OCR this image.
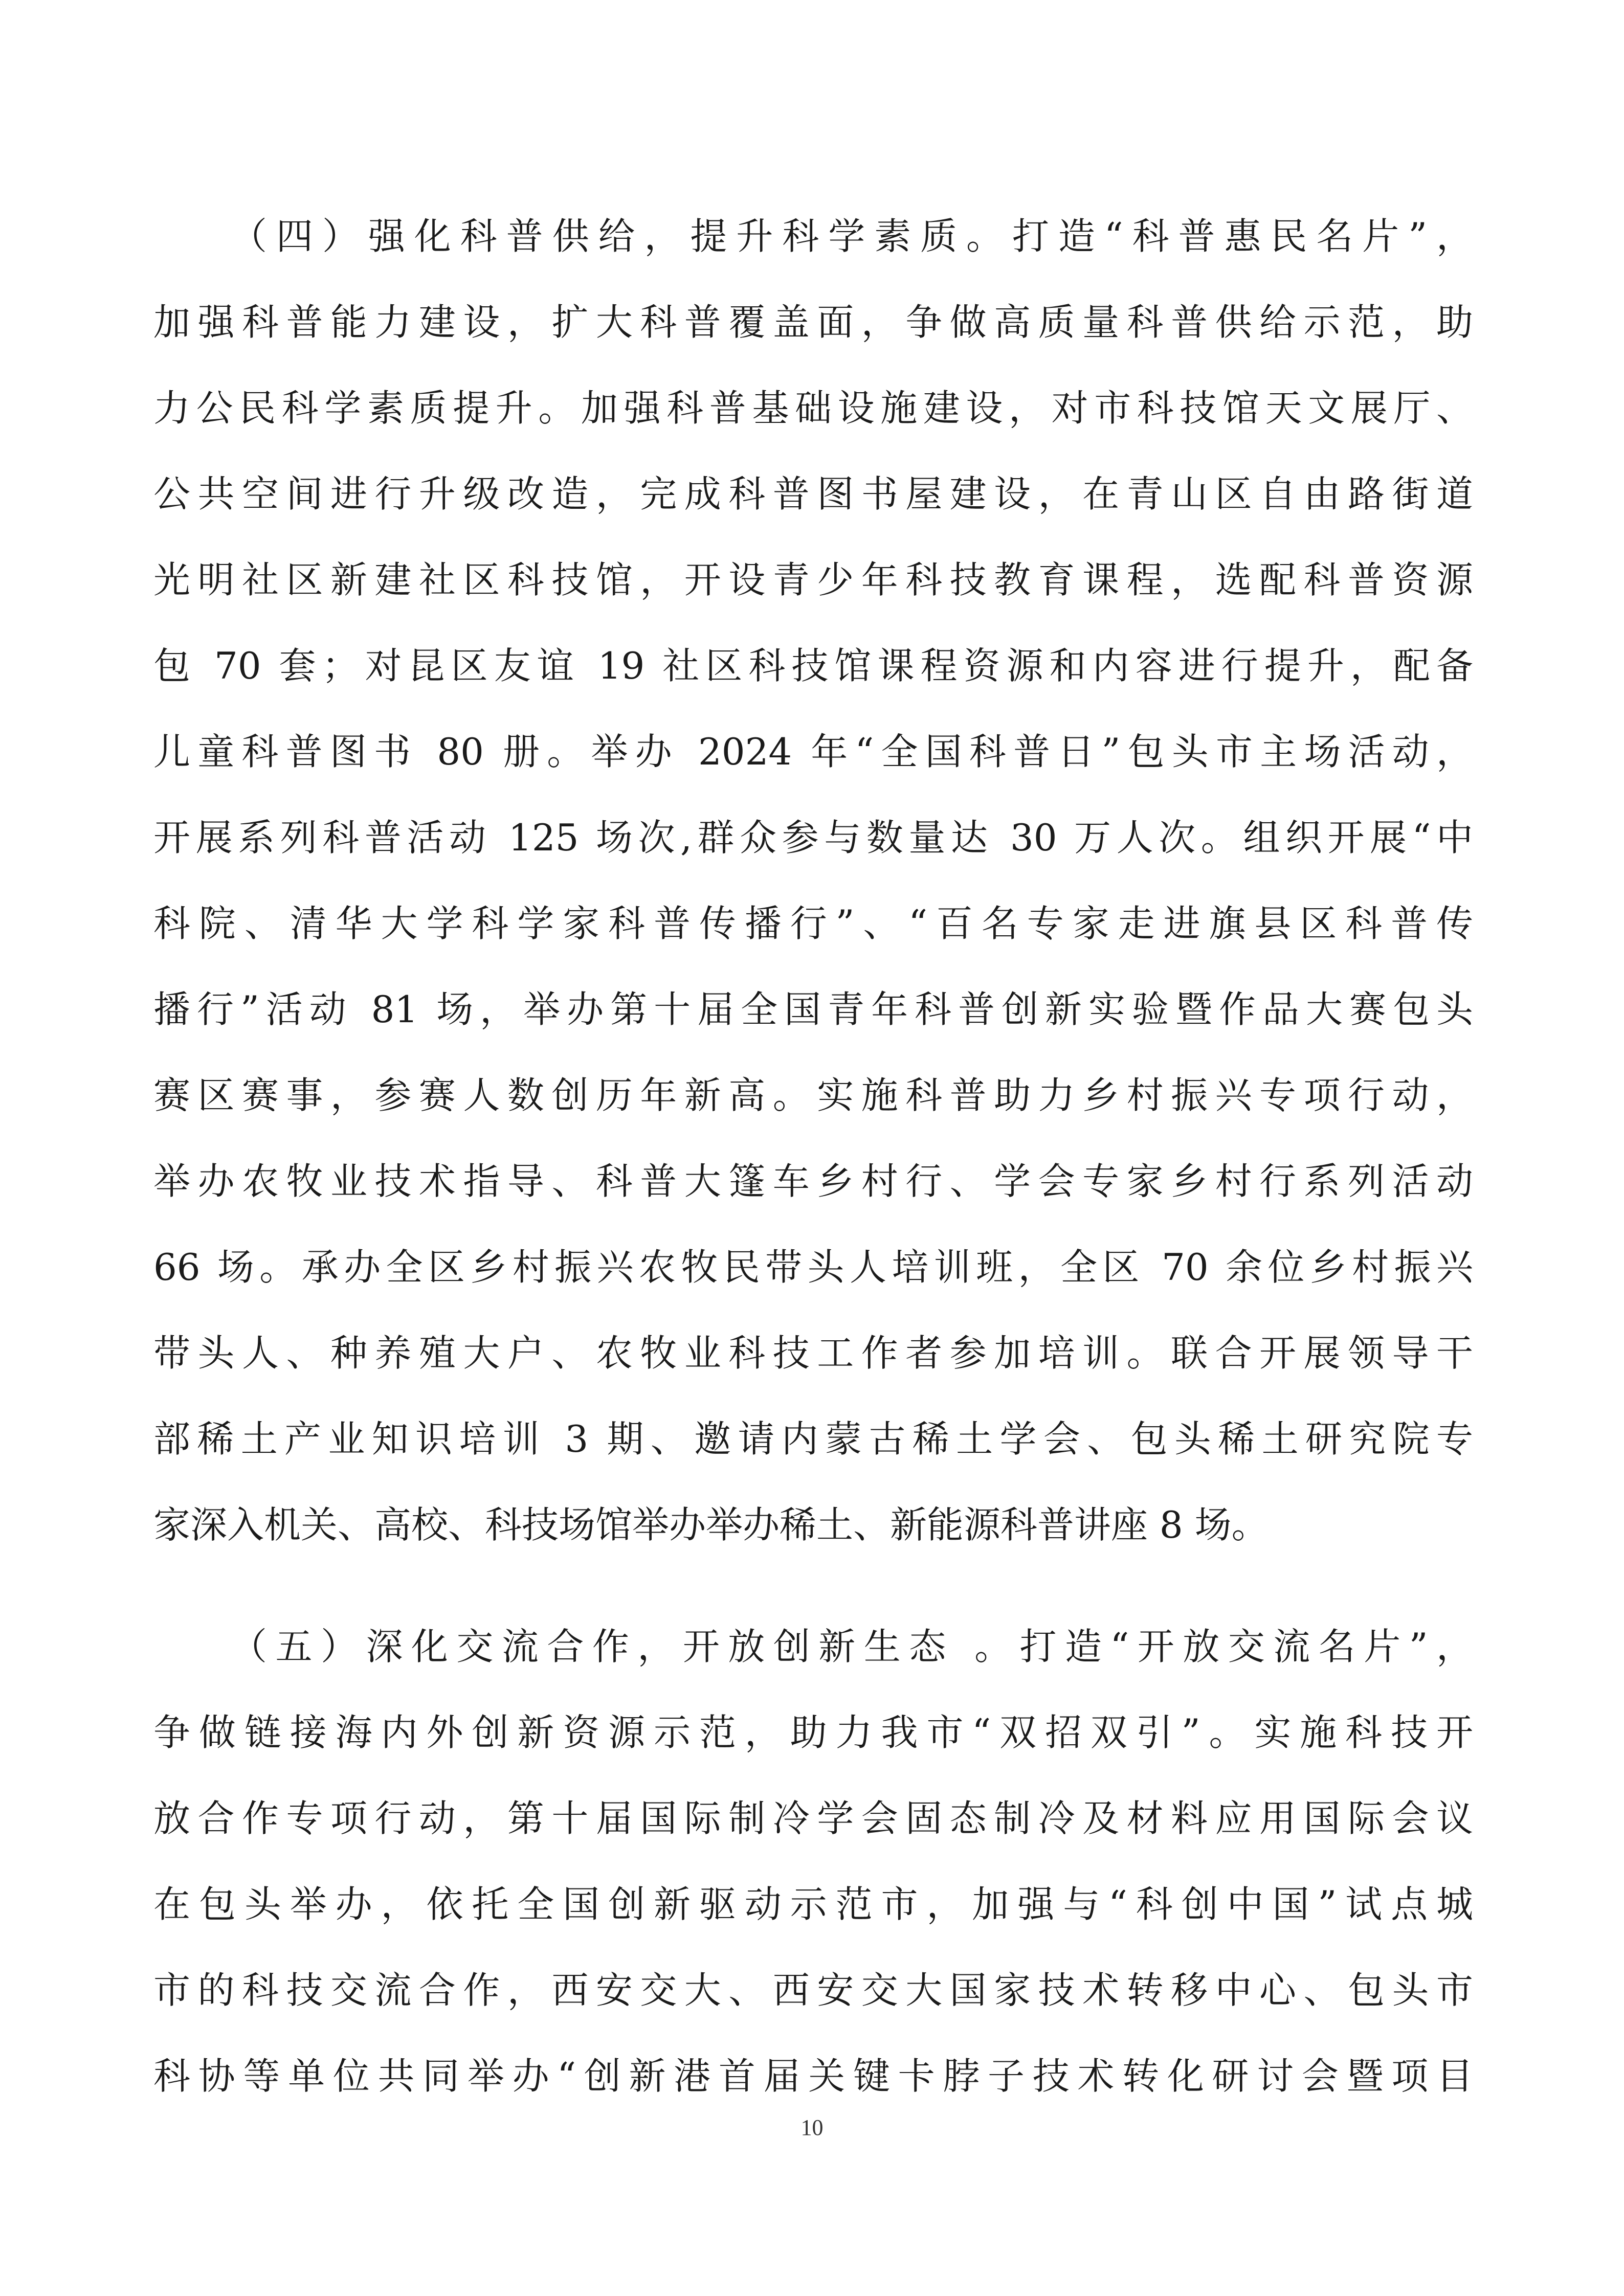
（四）强化科普供给，提升科学素质。打造“科普惠民名片”，
加强科普能力建设，扩大科普覆盖面，争做高质量科普供给示范，助
力公民科学素质提升。加强科普基础设施建设，对市科技馆天文展厅、
公共空间进行升级改造，完成科普图书屋建设，在青山区自由路街道
光明社区新建社区科技馆，开设青少年科技教育课程，选配科普资源
包 70 套；对昆区友谊 19 社区科技馆课程资源和内容进行提升，配备
儿童科普图书 80 册。举办 2024 年“全国科普日”包头市主场活动，
开展系列科普活动 125 场次,群众参与数量达 30 万人次。组织开展“中
科院、清华大学科学家科普传播行”、“百名专家走进旗县区科普传
播行”活动 81 场，举办第十届全国青年科普创新实验暨作品大赛包头
赛区赛事，参赛人数创历年新高。实施科普助力乡村振兴专项行动，
举办农牧业技术指导、科普大篷车乡村行、学会专家乡村行系列活动
66 场。承办全区乡村振兴农牧民带头人培训班，全区 70 余位乡村振兴
带头人、种养殖大户、农牧业科技工作者参加培训。联合开展领导干
部稀土产业知识培训 3 期、邀请内蒙古稀土学会、包头稀土研究院专
家深入机关、高校、科技场馆举办举办稀土、新能源科普讲座 8 场。
（五）深化交流合作，开放创新生态 。打造“开放交流名片”，
争做链接海内外创新资源示范，助力我市“双招双引”。实施科技开
放合作专项行动，第十届国际制冷学会固态制冷及材料应用国际会议
在包头举办，依托全国创新驱动示范市，加强与“科创中国”试点城
市的科技交流合作，西安交大、西安交大国家技术转移中心、包头市
科协等单位共同举办“创新港首届关键卡脖子技术转化研讨会暨项目
10
